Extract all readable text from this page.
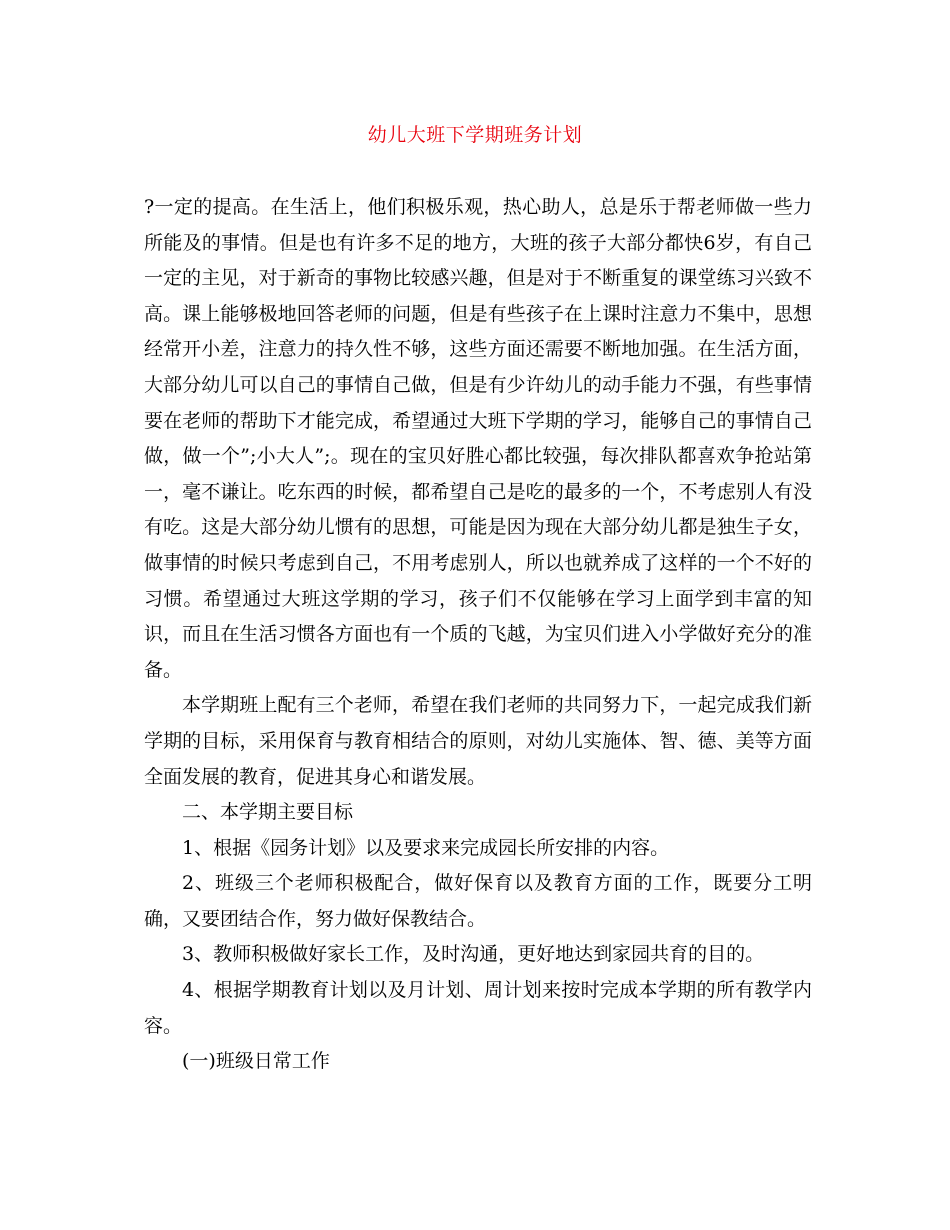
幼儿大班下学期班务计划

?一定的提高。在生活上，他们积极乐观，热心助人，总是乐于帮老师做一些力所能及的事情。但是也有许多不足的地方，大班的孩子大部分都快6岁，有自己一定的主见，对于新奇的事物比较感兴趣，但是对于不断重复的课堂练习兴致不高。课上能够极地回答老师的问题，但是有些孩子在上课时注意力不集中，思想经常开小差，注意力的持久性不够，这些方面还需要不断地加强。在生活方面，大部分幼儿可以自己的事情自己做，但是有少许幼儿的动手能力不强，有些事情要在老师的帮助下才能完成，希望通过大班下学期的学习，能够自己的事情自己做，做一个”;小大人”;。现在的宝贝好胜心都比较强，每次排队都喜欢争抢站第一，毫不谦让。吃东西的时候，都希望自己是吃的最多的一个，不考虑别人有没有吃。这是大部分幼儿惯有的思想，可能是因为现在大部分幼儿都是独生子女，做事情的时候只考虑到自己，不用考虑别人，所以也就养成了这样的一个不好的习惯。希望通过大班这学期的学习，孩子们不仅能够在学习上面学到丰富的知识，而且在生活习惯各方面也有一个质的飞越，为宝贝们进入小学做好充分的准备。

本学期班上配有三个老师，希望在我们老师的共同努力下，一起完成我们新学期的目标，采用保育与教育相结合的原则，对幼儿实施体、智、德、美等方面全面发展的教育，促进其身心和谐发展。

二、本学期主要目标

1、根据《园务计划》以及要求来完成园长所安排的内容。

2、班级三个老师积极配合，做好保育以及教育方面的工作，既要分工明确，又要团结合作，努力做好保教结合。

3、教师积极做好家长工作，及时沟通，更好地达到家园共育的目的。

4、根据学期教育计划以及月计划、周计划来按时完成本学期的所有教学内容。

(一)班级日常工作
